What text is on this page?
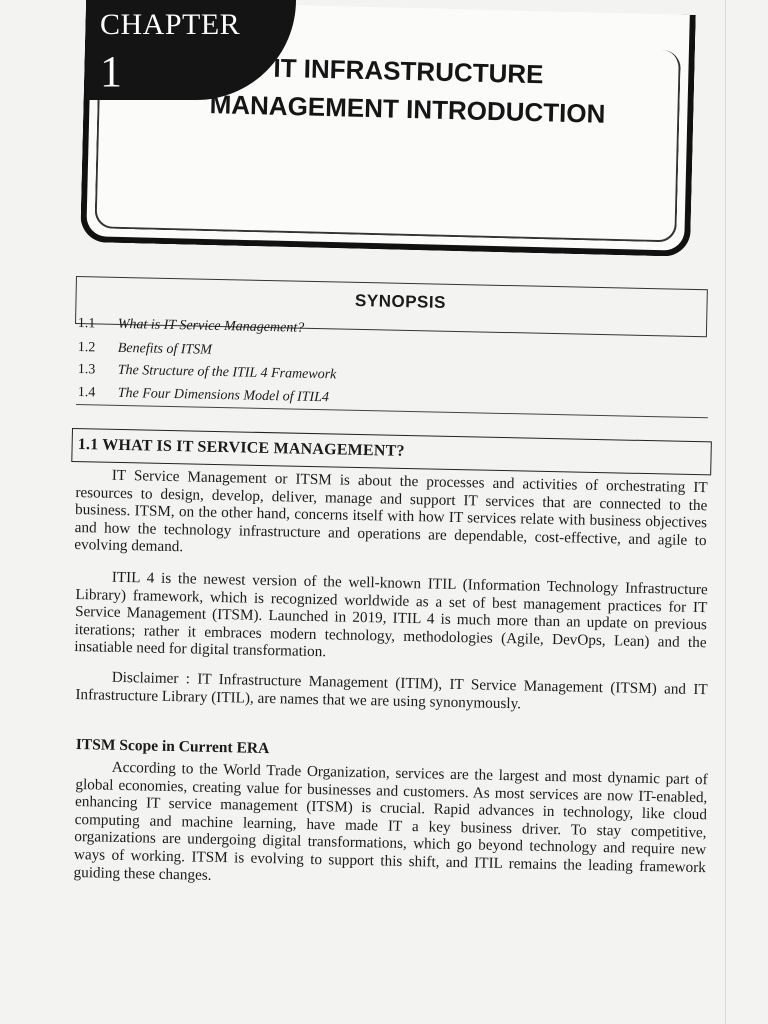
CHAPTER
1	IT INFRASTRUCTURE
MANAGEMENT INTRODUCTION
SYNOPSIS
1.1 What is IT Service Management?
1.2 Benefits of ITSM
1.3 The Structure of the ITIL 4 Framework
1.4 The Four Dimensions Model of ITIL4
1.1 WHAT IS IT SERVICE MANAGEMENT?
IT Service Management or ITSM is about the processes and activities of orchestrating IT resources to design, develop, deliver, manage and support IT services that are connected to the business. ITSM, on the other hand, concerns itself with how IT services relate with business objectives and how the technology infrastructure and operations are dependable, cost-effective, and agile to evolving demand.
ITIL 4 is the newest version of the well-known ITIL (Information Technology Infrastructure Library) framework, which is recognized worldwide as a set of best management practices for IT Service Management (ITSM). Launched in 2019, ITIL 4 is much more than an update on previous iterations; rather it embraces modern technology, methodologies (Agile, DevOps, Lean) and the insatiable need for digital transformation.
Disclaimer : IT Infrastructure Management (ITIM), IT Service Management (ITSM) and IT Infrastructure Library (ITIL), are names that we are using synonymously.
ITSM Scope in Current ERA
According to the World Trade Organization, services are the largest and most dynamic part of global economies, creating value for businesses and customers. As most services are now IT-enabled, enhancing IT service management (ITSM) is crucial. Rapid advances in technology, like cloud computing and machine learning, have made IT a key business driver. To stay competitive, organizations are undergoing digital transformations, which go beyond technology and require new ways of working. ITSM is evolving to support this shift, and ITIL remains the leading framework guiding these changes.
